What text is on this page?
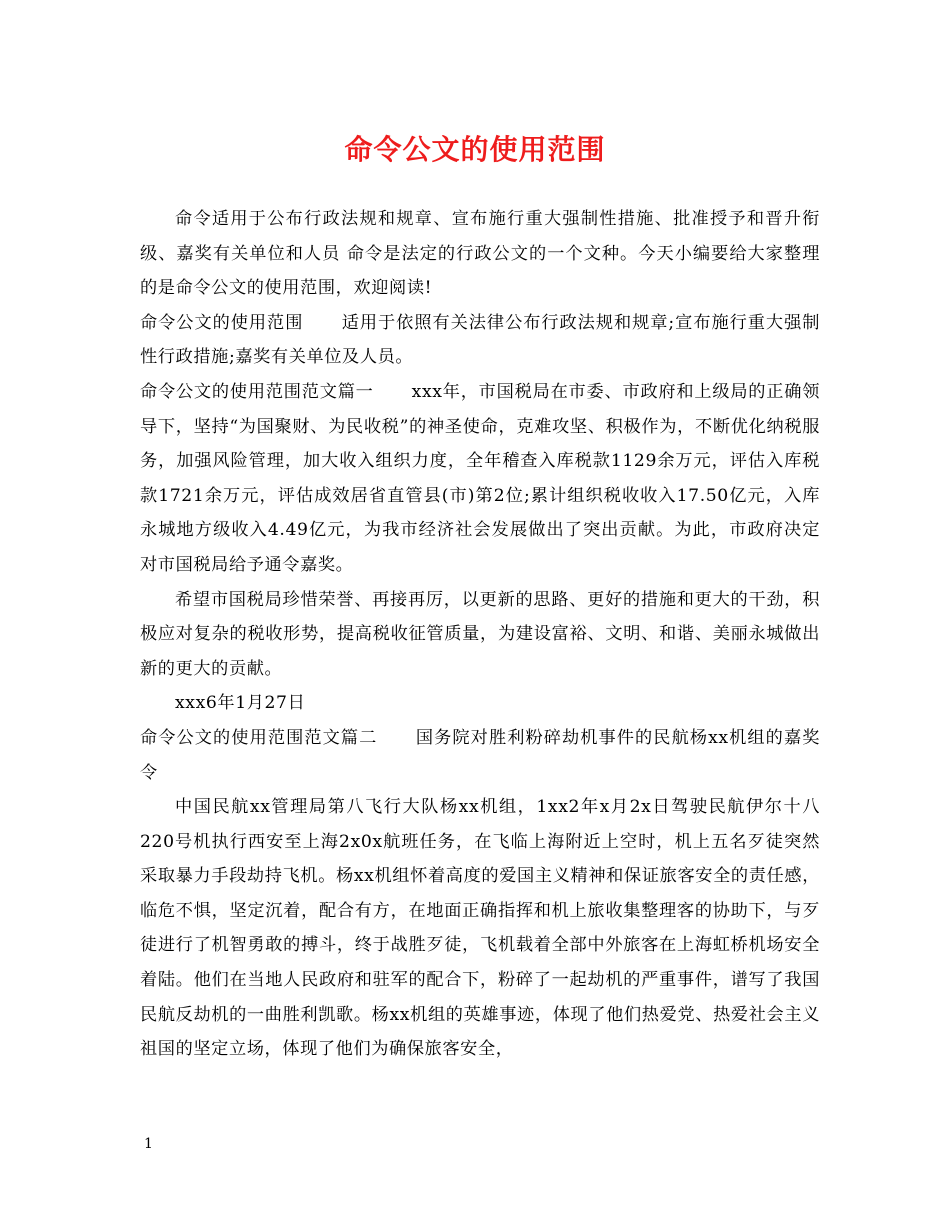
命令公文的使用范围

命令适用于公布行政法规和规章、宣布施行重大强制性措施、批准授予和晋升衔级、嘉奖有关单位和人员 命令是法定的行政公文的一个文种。今天小编要给大家整理的是命令公文的使用范围，欢迎阅读!

命令公文的使用范围 适用于依照有关法律公布行政法规和规章;宣布施行重大强制性行政措施;嘉奖有关单位及人员。

命令公文的使用范围范文篇一 xxx年，市国税局在市委、市政府和上级局的正确领导下，坚持“为国聚财、为民收税”的神圣使命，克难攻坚、积极作为，不断优化纳税服务，加强风险管理，加大收入组织力度，全年稽查入库税款1129余万元，评估入库税款1721余万元，评估成效居省直管县(市)第2位;累计组织税收收入17.50亿元，入库永城地方级收入4.49亿元，为我市经济社会发展做出了突出贡献。为此，市政府决定对市国税局给予通令嘉奖。

希望市国税局珍惜荣誉、再接再厉，以更新的思路、更好的措施和更大的干劲，积极应对复杂的税收形势，提高税收征管质量，为建设富裕、文明、和谐、美丽永城做出新的更大的贡献。

xxx6年1月27日

命令公文的使用范围范文篇二 国务院对胜利粉碎劫机事件的民航杨xx机组的嘉奖令

中国民航xx管理局第八飞行大队杨xx机组，1xx2年x月2x日驾驶民航伊尔十八220号机执行西安至上海2x0x航班任务，在飞临上海附近上空时，机上五名歹徒突然采取暴力手段劫持飞机。杨xx机组怀着高度的爱国主义精神和保证旅客安全的责任感，临危不惧，坚定沉着，配合有方，在地面正确指挥和机上旅收集整理客的协助下，与歹徒进行了机智勇敢的搏斗，终于战胜歹徒，飞机载着全部中外旅客在上海虹桥机场安全着陆。他们在当地人民政府和驻军的配合下，粉碎了一起劫机的严重事件，谱写了我国民航反劫机的一曲胜利凯歌。杨xx机组的英雄事迹，体现了他们热爱党、热爱社会主义祖国的坚定立场，体现了他们为确保旅客安全，

1
